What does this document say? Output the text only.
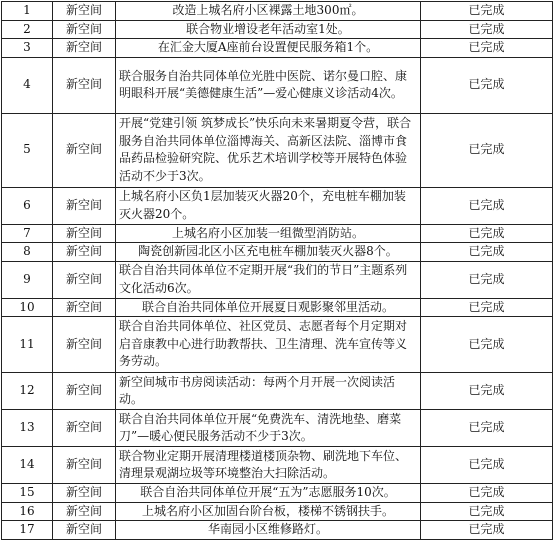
1	新空间	改造上城名府小区裸露土地300㎡。	已完成
2	新空间	联合物业增设老年活动室1处。	已完成
3	新空间	在汇金大厦A座前台设置便民服务箱1个。	已完成
4	新空间	联合服务自治共同体单位光胜中医院、诺尔曼口腔、康明眼科开展“美德健康生活”—爱心健康义诊活动4次。	已完成
5	新空间	开展“党建引领 筑梦成长”快乐向未来暑期夏令营，联合服务自治共同体单位淄博海关、高新区法院、淄博市食品药品检验研究院、优乐艺术培训学校等开展特色体验活动不少于3次。	已完成
6	新空间	上城名府小区负1层加装灭火器20个，充电桩车棚加装灭火器20个。	已完成
7	新空间	上城名府小区加装一组微型消防站。	已完成
8	新空间	陶瓷创新园北区小区充电桩车棚加装灭火器8个。	已完成
9	新空间	联合自治共同体单位不定期开展“我们的节日”主题系列文化活动6次。	已完成
10	新空间	联合自治共同体单位开展夏日观影聚邻里活动。	已完成
11	新空间	联合自治共同体单位、社区党员、志愿者每个月定期对启音康教中心进行助教帮扶、卫生清理、洗车宣传等义务劳动。	已完成
12	新空间	新空间城市书房阅读活动：每两个月开展一次阅读活动。	已完成
13	新空间	联合自治共同体单位开展“免费洗车、清洗地垫、磨菜刀”—暖心便民服务活动不少于3次。	已完成
14	新空间	联合物业定期开展清理楼道楼顶杂物、刷洗地下车位、清理景观湖垃圾等环境整治大扫除活动。	已完成
15	新空间	联合自治共同体单位开展“五为”志愿服务10次。	已完成
16	新空间	上城名府小区加固台阶台板，楼梯不锈钢扶手。	已完成
17	新空间	华南园小区维修路灯。	已完成
